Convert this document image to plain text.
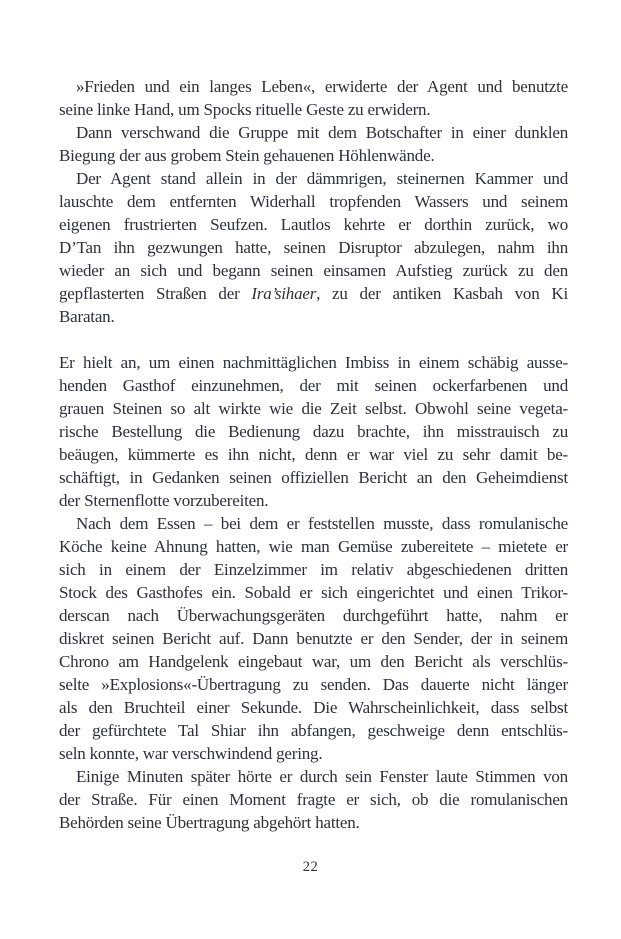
»Frieden und ein langes Leben«, erwiderte der Agent und benutzte
seine linke Hand, um Spocks rituelle Geste zu erwidern.
Dann verschwand die Gruppe mit dem Botschafter in einer dunklen
Biegung der aus grobem Stein gehauenen Höhlenwände.
Der Agent stand allein in der dämmrigen, steinernen Kammer und
lauschte dem entfernten Widerhall tropfenden Wassers und seinem
eigenen frustrierten Seufzen. Lautlos kehrte er dorthin zurück, wo
D’Tan ihn gezwungen hatte, seinen Disruptor abzulegen, nahm ihn
wieder an sich und begann seinen einsamen Aufstieg zurück zu den
gepflasterten Straßen der Ira’sihaer, zu der antiken Kasbah von Ki
Baratan.
Er hielt an, um einen nachmittäglichen Imbiss in einem schäbig ausse-
henden Gasthof einzunehmen, der mit seinen ockerfarbenen und
grauen Steinen so alt wirkte wie die Zeit selbst. Obwohl seine vegeta-
rische Bestellung die Bedienung dazu brachte, ihn misstrauisch zu
beäugen, kümmerte es ihn nicht, denn er war viel zu sehr damit be-
schäftigt, in Gedanken seinen offiziellen Bericht an den Geheimdienst
der Sternenflotte vorzubereiten.
Nach dem Essen – bei dem er feststellen musste, dass romulanische
Köche keine Ahnung hatten, wie man Gemüse zubereitete – mietete er
sich in einem der Einzelzimmer im relativ abgeschiedenen dritten
Stock des Gasthofes ein. Sobald er sich eingerichtet und einen Trikor-
derscan nach Überwachungsgeräten durchgeführt hatte, nahm er
diskret seinen Bericht auf. Dann benutzte er den Sender, der in seinem
Chrono am Handgelenk eingebaut war, um den Bericht als verschlüs-
selte »Explosions«-Übertragung zu senden. Das dauerte nicht länger
als den Bruchteil einer Sekunde. Die Wahrscheinlichkeit, dass selbst
der gefürchtete Tal Shiar ihn abfangen, geschweige denn entschlüs-
seln konnte, war verschwindend gering.
Einige Minuten später hörte er durch sein Fenster laute Stimmen von
der Straße. Für einen Moment fragte er sich, ob die romulanischen
Behörden seine Übertragung abgehört hatten.
22
